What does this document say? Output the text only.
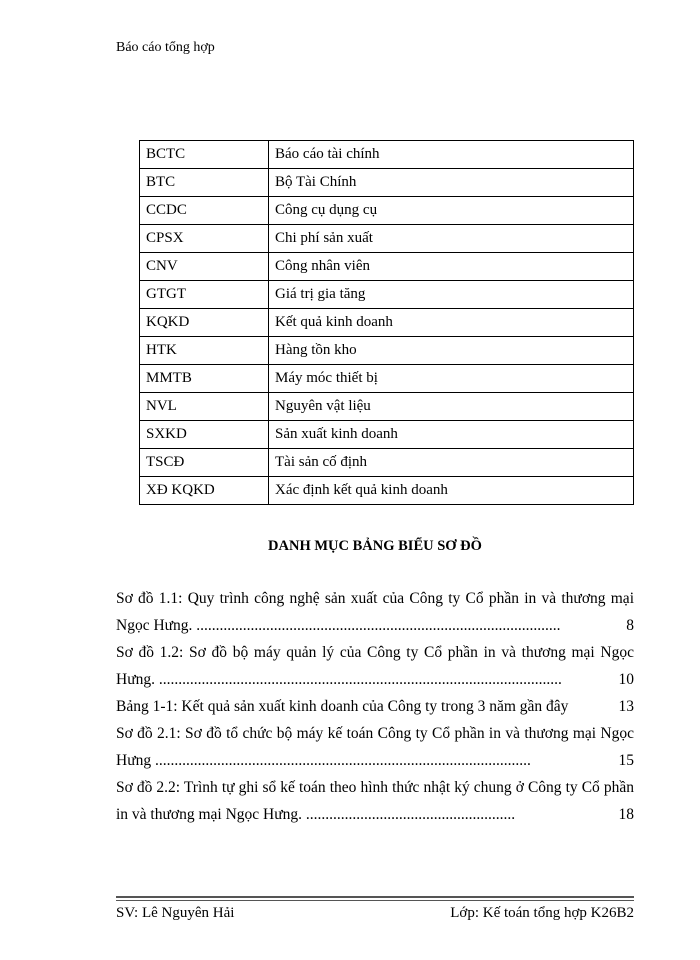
Báo cáo tổng hợp
BCTC	Báo cáo tài chính
BTC	Bộ Tài Chính
CCDC	Công cụ dụng cụ
CPSX	Chi phí sản xuất
CNV	Công nhân viên
GTGT	Giá trị gia tăng
KQKD	Kết quả kinh doanh
HTK	Hàng tồn kho
MMTB	Máy móc thiết bị
NVL	Nguyên vật liệu
SXKD	Sản xuất kinh doanh
TSCĐ	Tài sản cố định
XĐ KQKD	Xác định kết quả kinh doanh
DANH MỤC BẢNG BIỂU SƠ ĐỒ
Sơ đồ 1.1: Quy trình công nghệ sản xuất của Công ty Cổ phần in và thương mại Ngọc Hưng. ..............................................................................................	8
Sơ đồ 1.2: Sơ đồ bộ máy quản lý của Công ty Cổ phần in và thương mại Ngọc Hưng. ........................................................................................................	10
Bảng 1-1: Kết quả sản xuất kinh doanh của Công ty trong 3 năm gần đây	13
Sơ đồ 2.1: Sơ đồ tổ chức bộ máy kế toán Công ty Cổ phần in và thương mại Ngọc Hưng .................................................................................................	15
Sơ đồ 2.2: Trình tự ghi sổ kế toán theo hình thức nhật ký chung ở Công ty Cổ phần in và thương mại Ngọc Hưng. ......................................................	18
SV: Lê Nguyên Hải	Lớp: Kế toán tổng hợp K26B2
